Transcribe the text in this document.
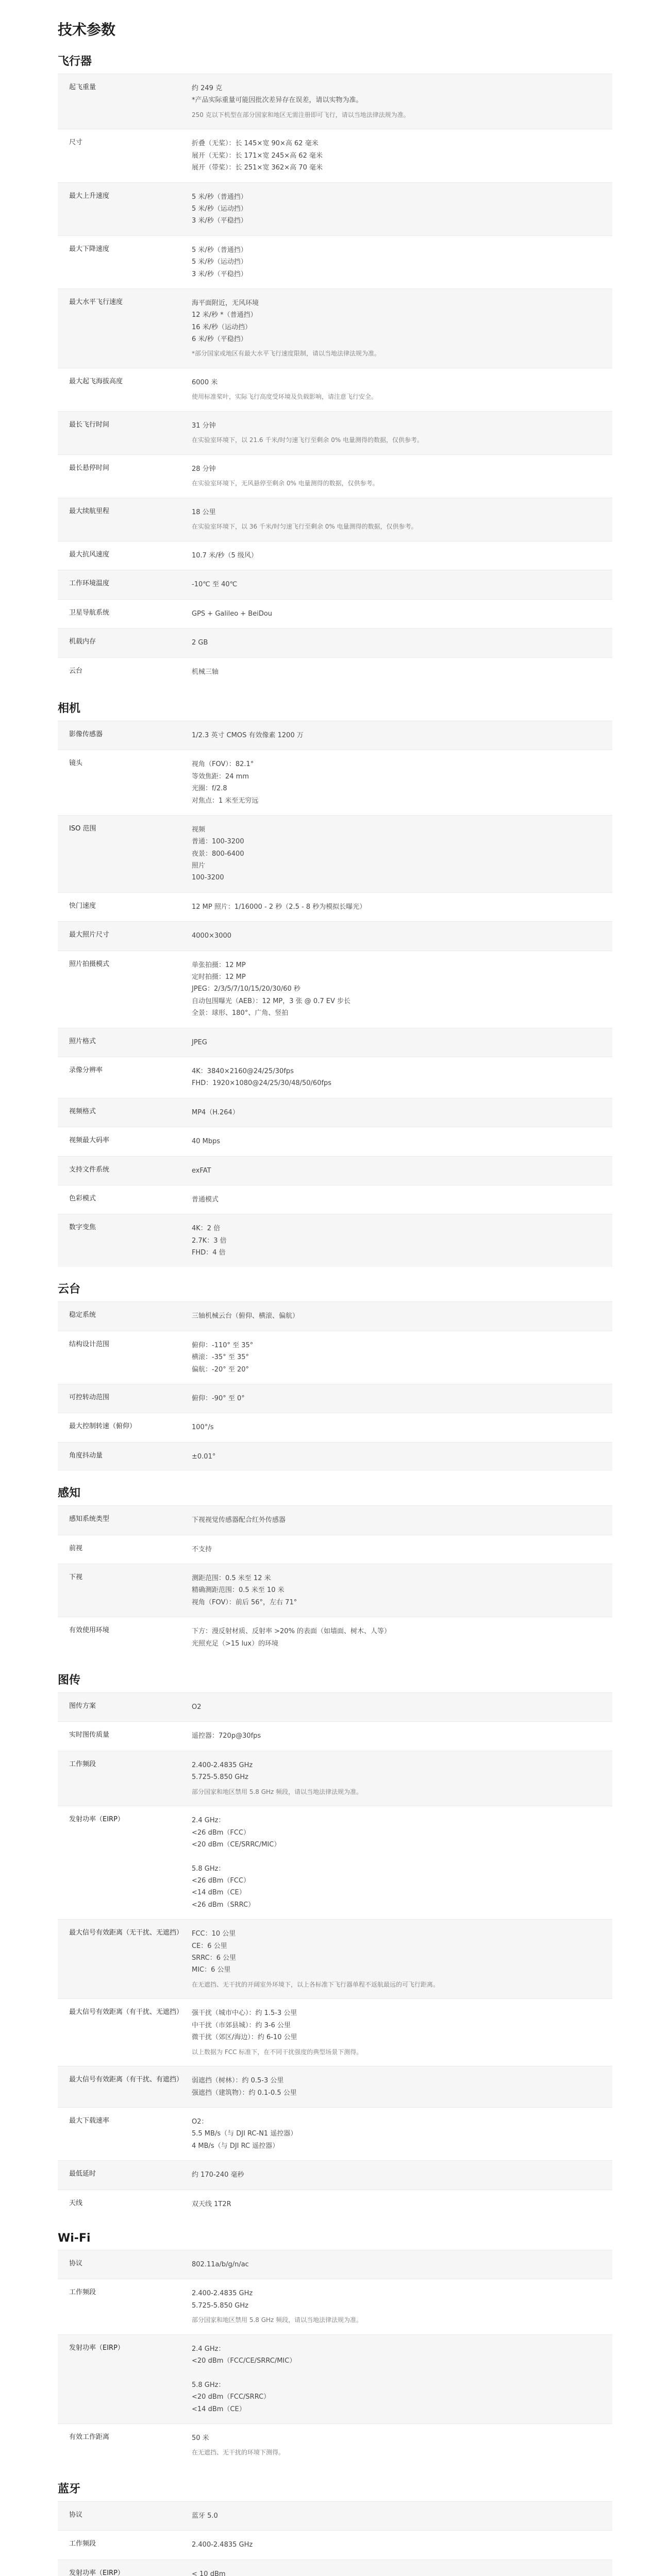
技术参数
飞行器
起飞重量	约 249 克
*产品实际重量可能因批次差异存在误差，请以实物为准。
250 克以下机型在部分国家和地区无需注册即可飞行，请以当地法律法规为准。
尺寸	折叠（无桨）：长 145×宽 90×高 62 毫米
展开（无桨）：长 171×宽 245×高 62 毫米
展开（带桨）：长 251×宽 362×高 70 毫米
最大上升速度	5 米/秒（普通挡）
5 米/秒（运动挡）
3 米/秒（平稳挡）
最大下降速度	5 米/秒（普通挡）
5 米/秒（运动挡）
3 米/秒（平稳挡）
最大水平飞行速度	海平面附近，无风环境
12 米/秒 *（普通挡）
16 米/秒（运动挡）
6 米/秒（平稳挡）
*部分国家或地区有最大水平飞行速度限制，请以当地法律法规为准。
最大起飞海拔高度	6000 米
使用标准桨叶，实际飞行高度受环境及负载影响，请注意飞行安全。
最长飞行时间	31 分钟
在实验室环境下，以 21.6 千米/时匀速飞行至剩余 0% 电量测得的数据，仅供参考。
最长悬停时间	28 分钟
在实验室环境下，无风悬停至剩余 0% 电量测得的数据，仅供参考。
最大续航里程	18 公里
在实验室环境下，以 36 千米/时匀速飞行至剩余 0% 电量测得的数据，仅供参考。
最大抗风速度	10.7 米/秒（5 级风）
工作环境温度	-10℃ 至 40℃
卫星导航系统	GPS + Galileo + BeiDou
机载内存	2 GB
云台	机械三轴
相机
影像传感器	1/2.3 英寸 CMOS 有效像素 1200 万
镜头	视角（FOV）：82.1°
等效焦距：24 mm
光圈：f/2.8
对焦点：1 米至无穷远
ISO 范围	视频
普通：100-3200
夜景：800-6400
照片
100-3200
快门速度	12 MP 照片：1/16000 - 2 秒（2.5 - 8 秒为模拟长曝光）
最大照片尺寸	4000×3000
照片拍摄模式	单张拍摄：12 MP
定时拍摄：12 MP
JPEG：2/3/5/7/10/15/20/30/60 秒
自动包围曝光（AEB）：12 MP，3 张 @ 0.7 EV 步长
全景：球形、180°、广角、竖拍
照片格式	JPEG
录像分辨率	4K：3840×2160@24/25/30fps
FHD：1920×1080@24/25/30/48/50/60fps
视频格式	MP4（H.264）
视频最大码率	40 Mbps
支持文件系统	exFAT
色彩模式	普通模式
数字变焦	4K：2 倍
2.7K：3 倍
FHD：4 倍
云台
稳定系统	三轴机械云台（俯仰、横滚、偏航）
结构设计范围	俯仰：-110° 至 35°
横滚：-35° 至 35°
偏航：-20° 至 20°
可控转动范围	俯仰：-90° 至 0°
最大控制转速（俯仰）	100°/s
角度抖动量	±0.01°
感知
感知系统类型	下视视觉传感器配合红外传感器
前视	不支持
下视	测距范围：0.5 米至 12 米
精确测距范围：0.5 米至 10 米
视角（FOV）：前后 56°，左右 71°
有效使用环境	下方：漫反射材质、反射率 >20% 的表面（如墙面、树木、人等）
光照充足（>15 lux）的环境
图传
图传方案	O2
实时图传质量	遥控器：720p@30fps
工作频段	2.400-2.4835 GHz
5.725-5.850 GHz
部分国家和地区禁用 5.8 GHz 频段，请以当地法律法规为准。
发射功率（EIRP）	2.4 GHz：
<26 dBm（FCC）
<20 dBm（CE/SRRC/MIC）

5.8 GHz：
<26 dBm（FCC）
<14 dBm（CE）
<26 dBm（SRRC）
最大信号有效距离（无干扰、无遮挡）	FCC：10 公里
CE：6 公里
SRRC：6 公里
MIC：6 公里
在无遮挡、无干扰的开阔室外环境下，以上各标准下飞行器单程不返航最远的可飞行距离。
最大信号有效距离（有干扰、无遮挡）	强干扰（城市中心）：约 1.5-3 公里
中干扰（市郊县城）：约 3-6 公里
微干扰（郊区/海边）：约 6-10 公里
以上数据为 FCC 标准下，在不同干扰强度的典型场景下测得。
最大信号有效距离（有干扰、有遮挡）	弱遮挡（树林）：约 0.5-3 公里
强遮挡（建筑物）：约 0.1-0.5 公里
最大下载速率	O2：
5.5 MB/s（与 DJI RC-N1 遥控器）
4 MB/s（与 DJI RC 遥控器）
最低延时	约 170-240 毫秒
天线	双天线 1T2R
Wi-Fi
协议	802.11a/b/g/n/ac
工作频段	2.400-2.4835 GHz
5.725-5.850 GHz
部分国家和地区禁用 5.8 GHz 频段，请以当地法律法规为准。
发射功率（EIRP）	2.4 GHz：
<20 dBm（FCC/CE/SRRC/MIC）

5.8 GHz：
<20 dBm（FCC/SRRC）
<14 dBm（CE）
有效工作距离	50 米
在无遮挡、无干扰的环境下测得。
蓝牙
协议	蓝牙 5.0
工作频段	2.400-2.4835 GHz
发射功率（EIRP）	< 10 dBm
